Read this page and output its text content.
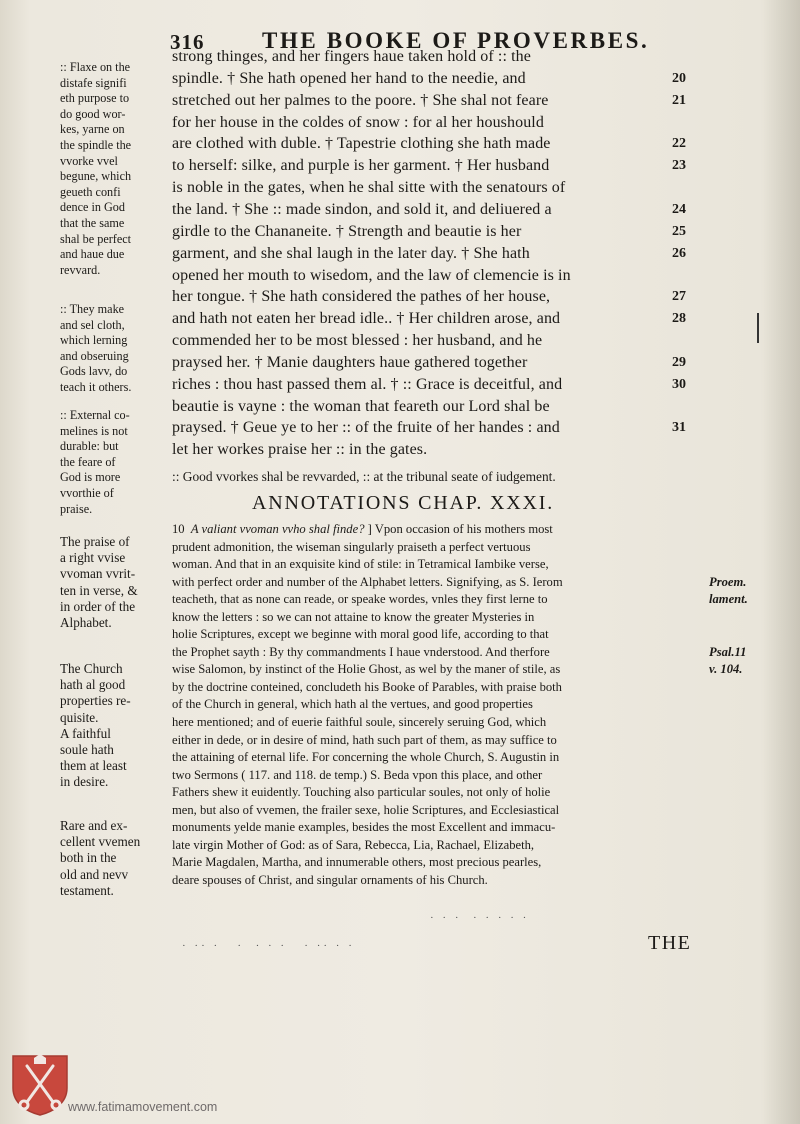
316	THE BOOKE OF PROVERBES.
strong thinges, and her fingers haue taken hold of :: the
spindle. † She hath opened her hand to the needie, and
stretched out her palmes to the poore. † She shal not feare
for her house in the coldes of snow : for al her houshould
are clothed with duble. † Tapestrie clothing she hath made
to herself: silke, and purple is her garment. † Her husband
is noble in the gates, when he shal sitte with the senatours of
the land. † She :: made sindon, and sold it, and deliuered a
girdle to the Chananeite. † Strength and beautie is her
garment, and she shal laugh in the later day. † She hath
opened her mouth to wisedom, and the law of clemencie is in
her tongue. † She hath considered the pathes of her house,
and hath not eaten her bread idle.. † Her children arose, and
commended her to be most blessed : her husband, and he
praysed her. † Manie daughters haue gathered together
riches : thou hast passed them al. † :: Grace is deceitful, and
beautie is vayne : the woman that feareth our Lord shal be
praysed. † Geue ye to her :: of the fruite of her handes : and
let her workes praise her :: in the gates.
20
21
22
23
24
25
26
27
28
29
30
31
:: Flaxe on the
distafe signifi
eth purpose to
do good wor-
kes, yarne on
the spindle the
vvorke vvel
begune, which
geueth confi
dence in God
that the same
shal be perfect
and haue due
revvard.
:: They make
and sel cloth,
which lerning
and obseruing
Gods lavv, do
teach it others.
:: External co-
melines is not
durable: but
the feare of
God is more
vvorthie of
praise.
The praise of
a right vvise
vvoman vvrit-
ten in verse, &
in order of the
Alphabet.
The Church
hath al good
properties re-
quisite.
A faithful
soule hath
them at least
in desire.
Rare and ex-
cellent vvemen
both in the
old and nevv
testament.
:: Good vvorkes shal be revvarded, :: at the tribunal seate of iudgement.
ANNOTATIONS CHAP. XXXI.
10 A valiant vvoman vvho shal finde? ] Vpon occasion of his mothers most
prudent admonition, the wiseman singularly praiseth a perfect vertuous
woman. And that in an exquisite kind of stile: in Tetramical Iambike verse,
with perfect order and number of the Alphabet letters. Signifying, as S. Ierom
teacheth, that as none can reade, or speake wordes, vnles they first lerne to
know the letters : so we can not attaine to know the greater Mysteries in
holie Scriptures, except we beginne with moral good life, according to that
the Prophet sayth : By thy commandments I haue vnderstood. And therfore
wise Salomon, by instinct of the Holie Ghost, as wel by the maner of stile, as
by the doctrine conteined, concludeth his Booke of Parables, with praise both
of the Church in general, which hath al the vertues, and good properties
here mentioned; and of euerie faithful soule, sincerely seruing God, which
either in dede, or in desire of mind, hath such part of them, as may suffice to
the attaining of eternal life. For concerning the whole Church, S. Augustin in
two Sermons ( 117. and 118. de temp.) S. Beda vpon this place, and other
Fathers shew it euidently. Touching also particular soules, not only of holie
men, but also of vvemen, the frailer sexe, holie Scriptures, and Ecclesiastical
monuments yelde manie examples, besides the most Excellent and immacu-
late virgin Mother of God: as of Sara, Rebecca, Lia, Rachael, Elizabeth,
Marie Magdalen, Martha, and innumerable others, most precious pearles,
deare spouses of Christ, and singular ornaments of his Church.
Proem.
lament.
Psal.11
v. 104.
· · ·  · · · · ·
· ·· ·   ·  · · ·   · ·· · ·	THE
www.fatimamovement.com
